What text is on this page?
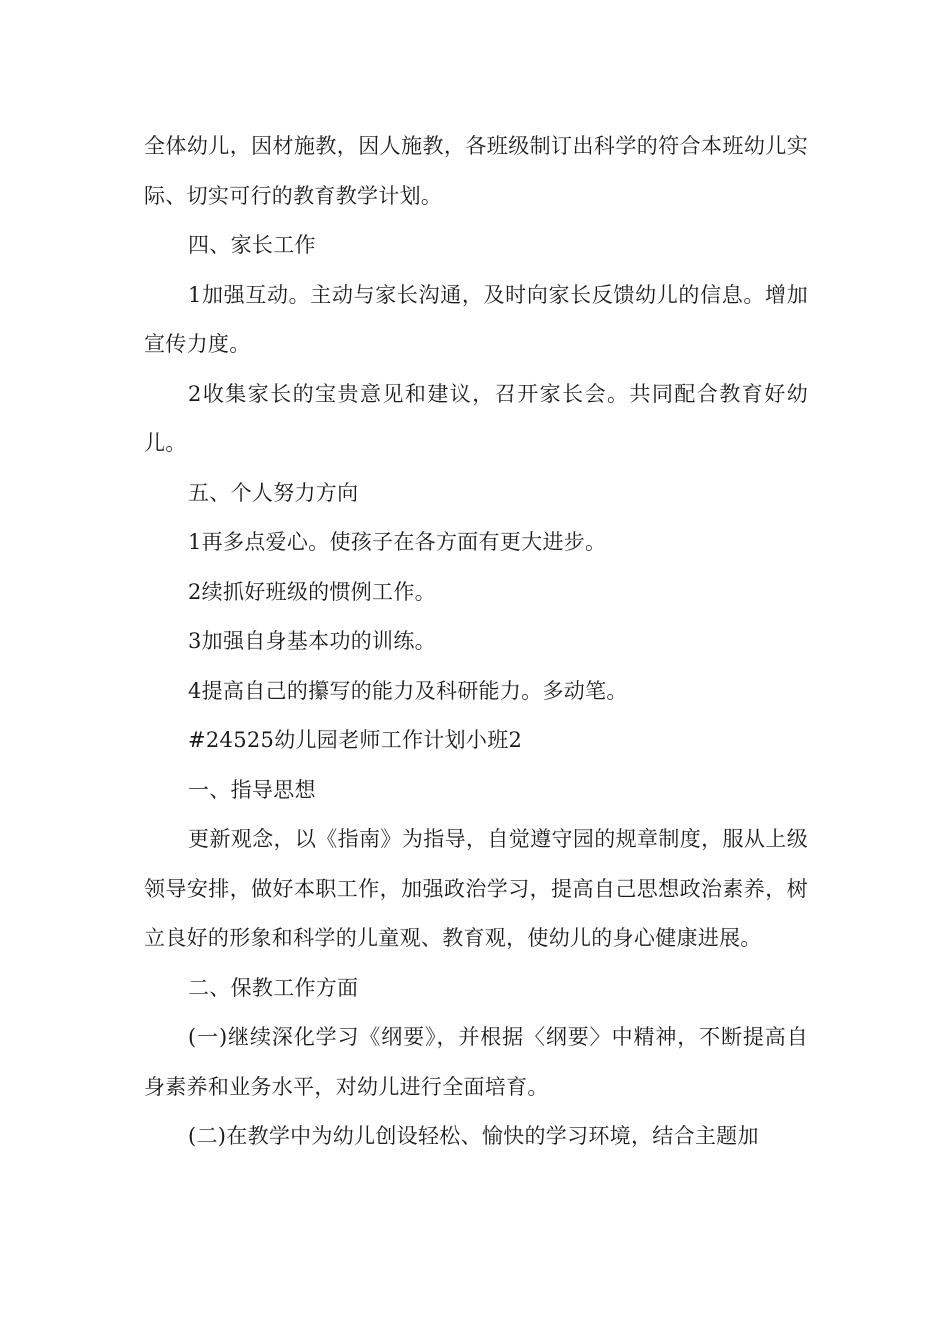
全体幼儿，因材施教，因人施教，各班级制订出科学的符合本班幼儿实际、切实可行的教育教学计划。

四、家长工作

1加强互动。主动与家长沟通，及时向家长反馈幼儿的信息。增加宣传力度。

2收集家长的宝贵意见和建议，召开家长会。共同配合教育好幼儿。

五、个人努力方向

1再多点爱心。使孩子在各方面有更大进步。

2续抓好班级的惯例工作。

3加强自身基本功的训练。

4提高自己的攥写的能力及科研能力。多动笔。

#24525幼儿园老师工作计划小班2

一、指导思想

更新观念，以《指南》为指导，自觉遵守园的规章制度，服从上级领导安排，做好本职工作，加强政治学习，提高自己思想政治素养，树立良好的形象和科学的儿童观、教育观，使幼儿的身心健康进展。

二、保教工作方面

(一)继续深化学习《纲要》，并根据〈纲要〉中精神，不断提高自身素养和业务水平，对幼儿进行全面培育。

(二)在教学中为幼儿创设轻松、愉快的学习环境，结合主题加
